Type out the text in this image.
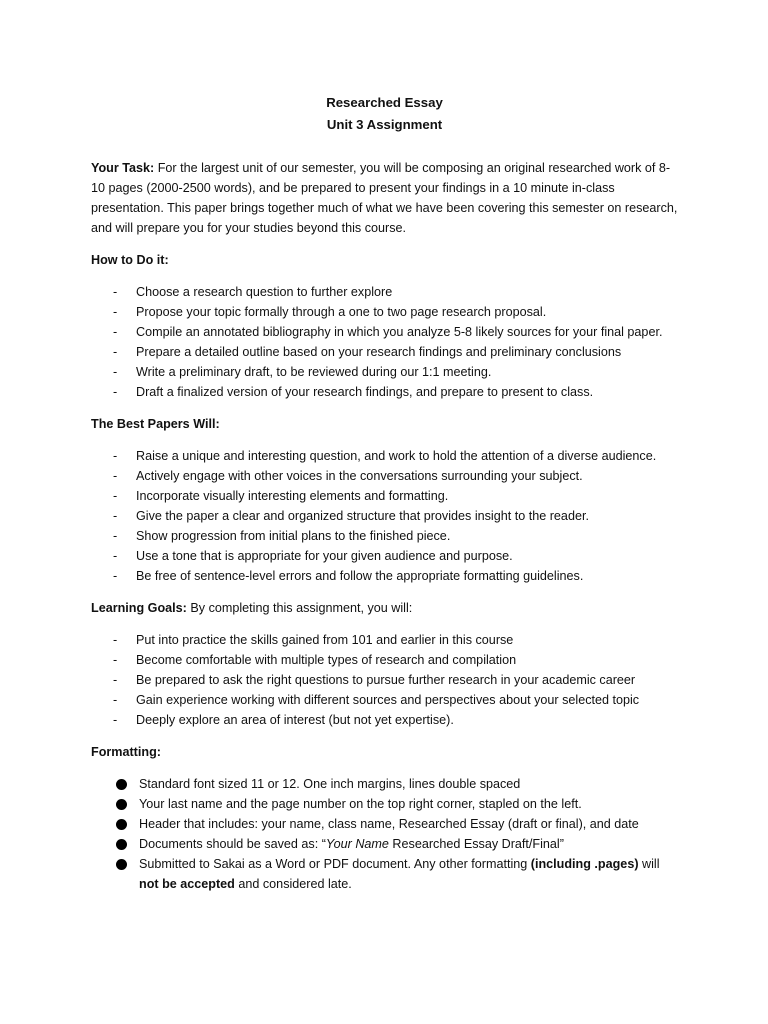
Researched Essay

Unit 3 Assignment

Your Task: For the largest unit of our semester, you will be composing an original researched work of 8-10 pages (2000-2500 words), and be prepared to present your findings in a 10 minute in-class presentation. This paper brings together much of what we have been covering this semester on research, and will prepare you for your studies beyond this course.

How to Do it:

- Choose a research question to further explore
- Propose your topic formally through a one to two page research proposal.
- Compile an annotated bibliography in which you analyze 5-8 likely sources for your final paper.
- Prepare a detailed outline based on your research findings and preliminary conclusions
- Write a preliminary draft, to be reviewed during our 1:1 meeting.
- Draft a finalized version of your research findings, and prepare to present to class.

The Best Papers Will:

- Raise a unique and interesting question, and work to hold the attention of a diverse audience.
- Actively engage with other voices in the conversations surrounding your subject.
- Incorporate visually interesting elements and formatting.
- Give the paper a clear and organized structure that provides insight to the reader.
- Show progression from initial plans to the finished piece.
- Use a tone that is appropriate for your given audience and purpose.
- Be free of sentence-level errors and follow the appropriate formatting guidelines.

Learning Goals: By completing this assignment, you will:

- Put into practice the skills gained from 101 and earlier in this course
- Become comfortable with multiple types of research and compilation
- Be prepared to ask the right questions to pursue further research in your academic career
- Gain experience working with different sources and perspectives about your selected topic
- Deeply explore an area of interest (but not yet expertise).

Formatting:

Standard font sized 11 or 12. One inch margins, lines double spaced
Your last name and the page number on the top right corner, stapled on the left.
Header that includes: your name, class name, Researched Essay (draft or final), and date
Documents should be saved as: “Your Name Researched Essay Draft/Final”
Submitted to Sakai as a Word or PDF document. Any other formatting (including .pages) will not be accepted and considered late.
